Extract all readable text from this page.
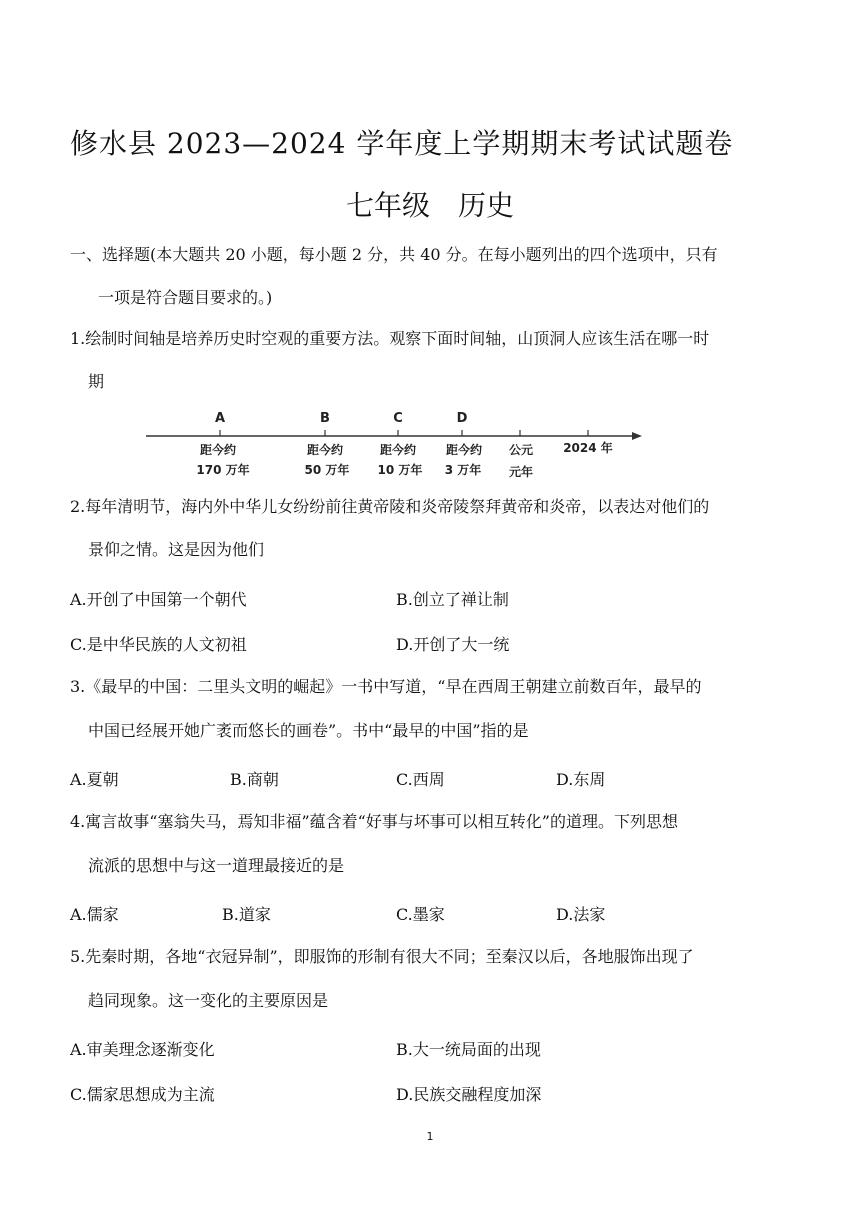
修水县 2023—2024 学年度上学期期末考试试题卷
七年级　历史
一、选择题(本大题共 20 小题，每小题 2 分，共 40 分。在每小题列出的四个选项中，只有
一项是符合题目要求的。)
1.绘制时间轴是培养历史时空观的重要方法。观察下面时间轴，山顶洞人应该生活在哪一时
期
A	B	C	D
距今约	距今约	距今约 距今约 公元	2024 年
170 万年	50 万年 10 万年 3 万年 元年
2.每年清明节，海内外中华儿女纷纷前往黄帝陵和炎帝陵祭拜黄帝和炎帝，以表达对他们的
景仰之情。这是因为他们
A.开创了中国第一个朝代	B.创立了禅让制
C.是中华民族的人文初祖	D.开创了大一统
3.《最早的中国：二里头文明的崛起》一书中写道，“早在西周王朝建立前数百年，最早的
中国已经展开她广袤而悠长的画卷”。书中“最早的中国”指的是
A.夏朝	B.商朝	C.西周	D.东周
4.寓言故事“塞翁失马，焉知非福”蕴含着“好事与坏事可以相互转化”的道理。下列思想
流派的思想中与这一道理最接近的是
A.儒家	B.道家	C.墨家	D.法家
5.先秦时期，各地“衣冠异制”，即服饰的形制有很大不同；至秦汉以后，各地服饰出现了
趋同现象。这一变化的主要原因是
A.审美理念逐渐变化	B.大一统局面的出现
C.儒家思想成为主流	D.民族交融程度加深
1
